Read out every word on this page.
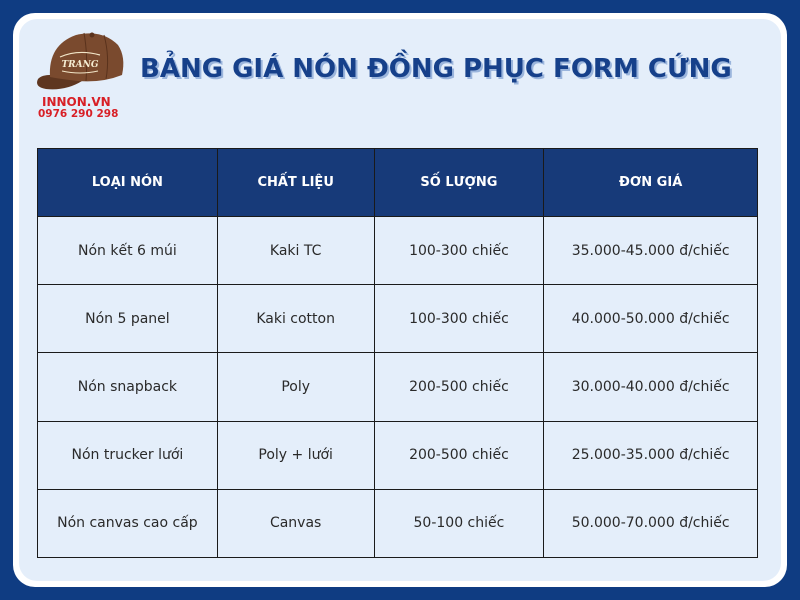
TRANG
INNON.VN
0976 290 298
BẢNG GIÁ NÓN ĐỒNG PHỤC FORM CỨNG
LOẠI NÓN	CHẤT LIỆU	SỐ LƯỢNG	ĐƠN GIÁ
Nón kết 6 múi	Kaki TC	100-300 chiếc	35.000-45.000 đ/chiếc
Nón 5 panel	Kaki cotton	100-300 chiếc	40.000-50.000 đ/chiếc
Nón snapback	Poly	200-500 chiếc	30.000-40.000 đ/chiếc
Nón trucker lưới	Poly + lưới	200-500 chiếc	25.000-35.000 đ/chiếc
Nón canvas cao cấp	Canvas	50-100 chiếc	50.000-70.000 đ/chiếc
